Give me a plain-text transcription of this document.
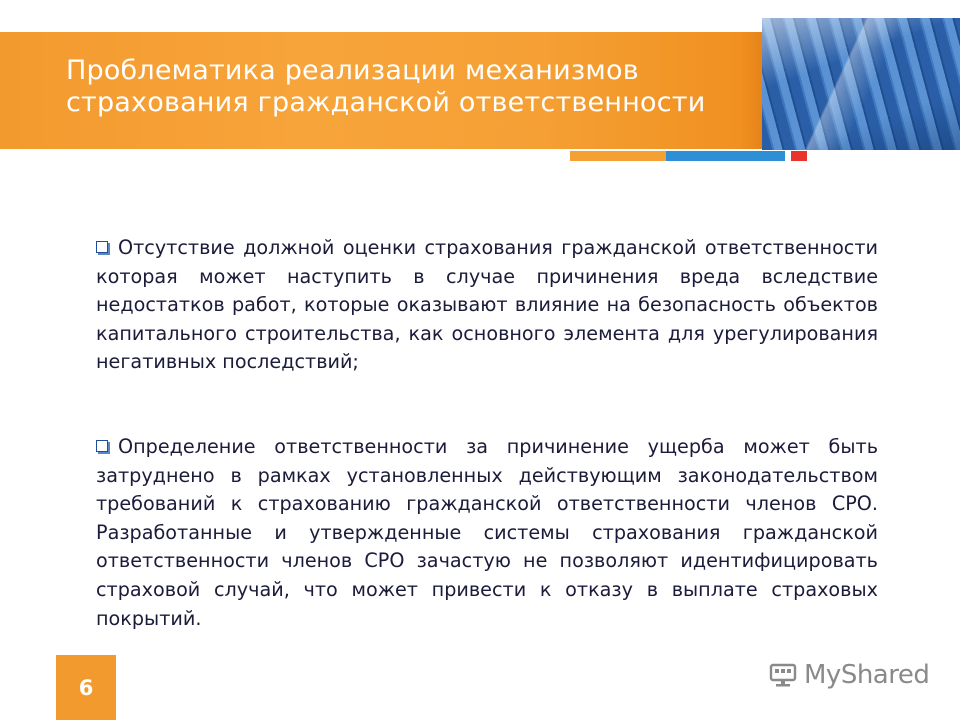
Проблематика реализации механизмов
страхования гражданской ответственности

Отсутствие должной оценки страхования гражданской ответственности которая может наступить в случае причинения вреда вследствие недостатков работ, которые оказывают влияние на безопасность объектов капитального строительства, как основного элемента для урегулирования негативных последствий;

Определение ответственности за причинение ущерба может быть затруднено в рамках установленных действующим законодательством требований к страхованию гражданской ответственности членов СРО. Разработанные и утвержденные системы страхования гражданской ответственности членов СРО зачастую не позволяют идентифицировать страховой случай, что может привести к отказу в выплате страховых покрытий.

6	MyShared
